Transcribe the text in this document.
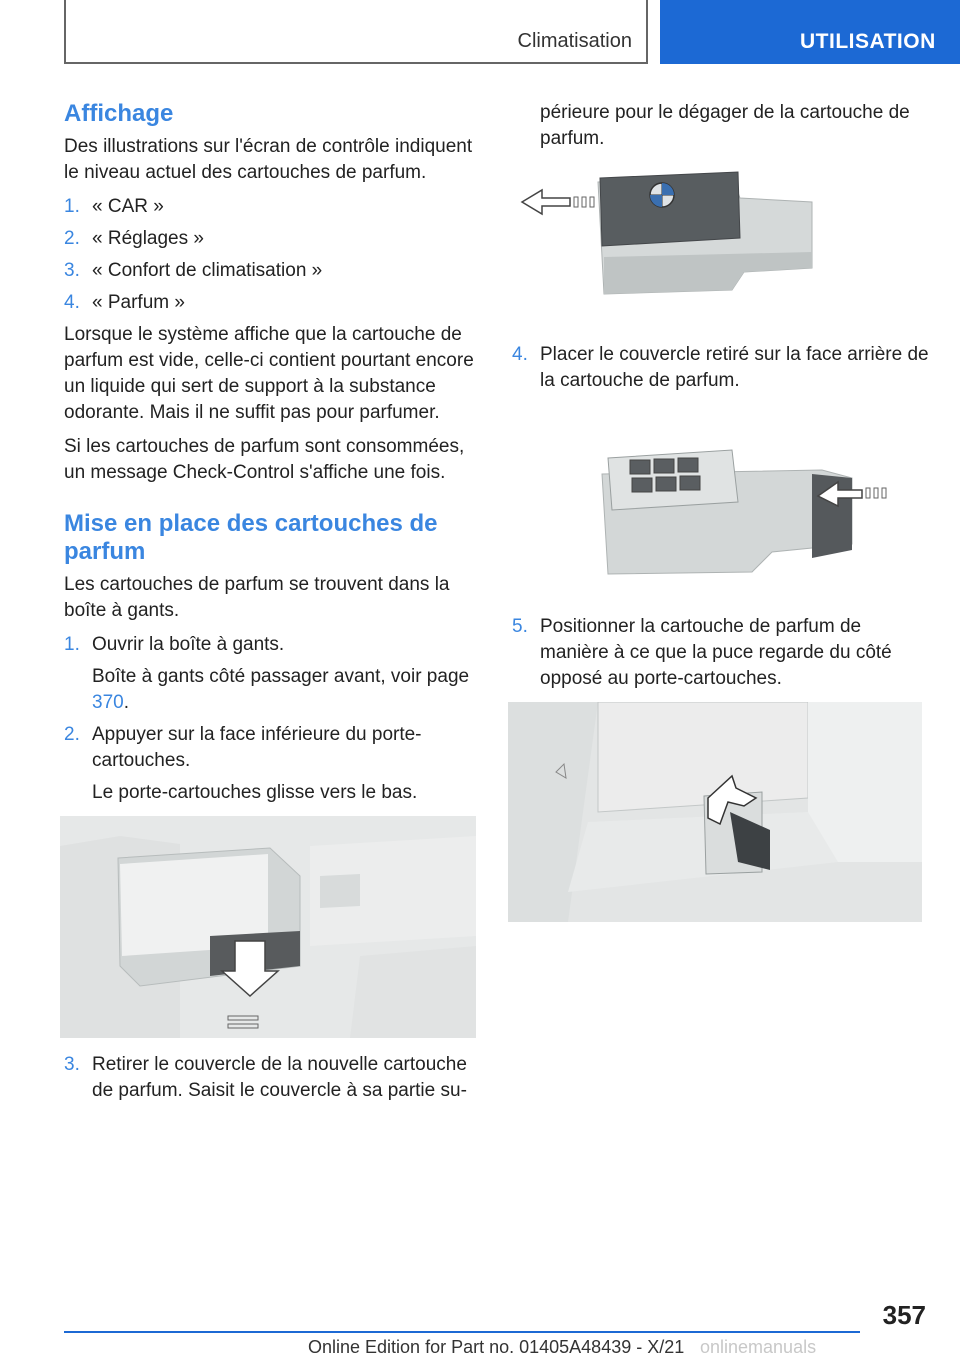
Climatisation	UTILISATION
Affichage

Des illustrations sur l'écran de contrôle indiquent le niveau actuel des cartouches de parfum.

1. « CAR »
2. « Réglages »
3. « Confort de climatisation »
4. « Parfum »

Lorsque le système affiche que la cartouche de parfum est vide, celle-ci contient pourtant encore un liquide qui sert de support à la substance odorante. Mais il ne suffit pas pour parfumer.

Si les cartouches de parfum sont consommées, un message Check-Control s'affiche une fois.

Mise en place des cartouches de parfum

Les cartouches de parfum se trouvent dans la boîte à gants.

1. Ouvrir la boîte à gants.
Boîte à gants côté passager avant, voir page 370.
2. Appuyer sur la face inférieure du porte-cartouches.
Le porte-cartouches glisse vers le bas.
3. Retirer le couvercle de la nouvelle cartouche de parfum. Saisit le couvercle à sa partie su-
périeure pour le dégager de la cartouche de parfum.
4. Placer le couvercle retiré sur la face arrière de la cartouche de parfum.
5. Positionner la cartouche de parfum de manière à ce que la puce regarde du côté opposé au porte-cartouches.
357
Online Edition for Part no. 01405A48439 - X/21 onlinemanuals
